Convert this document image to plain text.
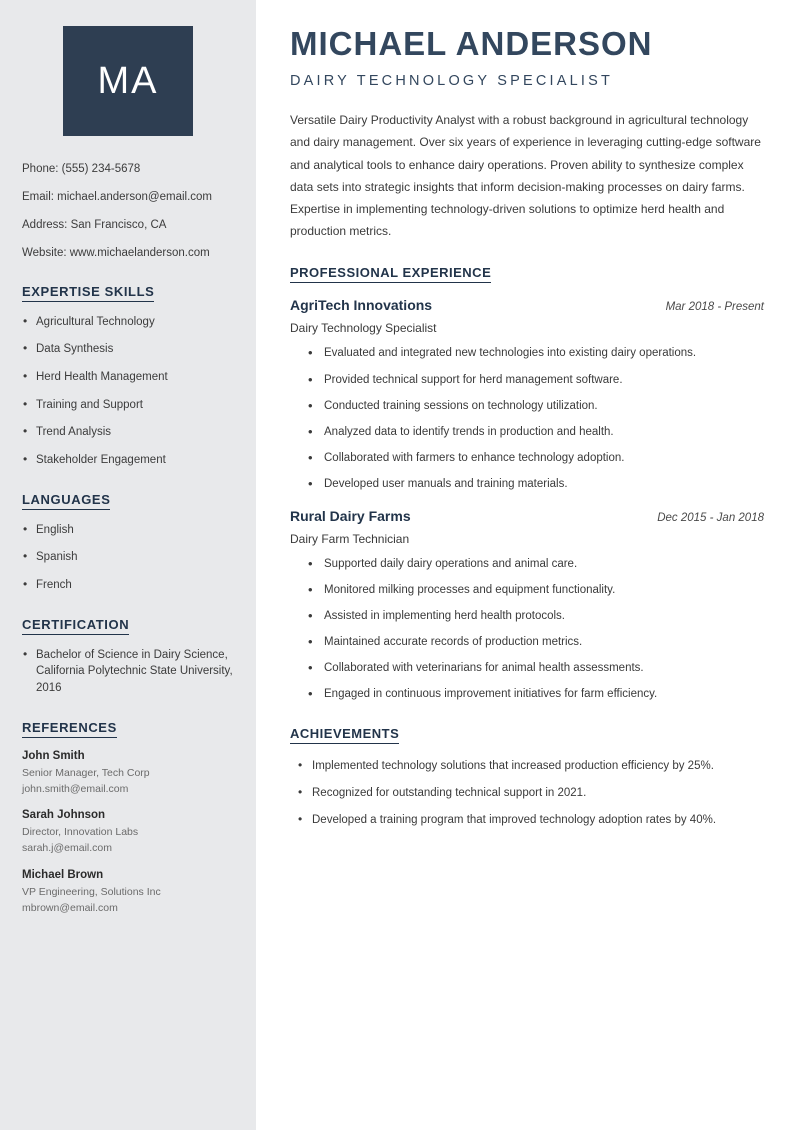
MA
Phone: (555) 234-5678
Email: michael.anderson@email.com
Address: San Francisco, CA
Website: www.michaelanderson.com
EXPERTISE SKILLS
• Agricultural Technology
• Data Synthesis
• Herd Health Management
• Training and Support
• Trend Analysis
• Stakeholder Engagement
LANGUAGES
• English
• Spanish
• French
CERTIFICATION
• Bachelor of Science in Dairy Science, California Polytechnic State University, 2016
REFERENCES
John Smith
Senior Manager, Tech Corp
john.smith@email.com
Sarah Johnson
Director, Innovation Labs
sarah.j@email.com
Michael Brown
VP Engineering, Solutions Inc
mbrown@email.com
MICHAEL ANDERSON
DAIRY TECHNOLOGY SPECIALIST

Versatile Dairy Productivity Analyst with a robust background in agricultural technology and dairy management. Over six years of experience in leveraging cutting-edge software and analytical tools to enhance dairy operations. Proven ability to synthesize complex data sets into strategic insights that inform decision-making processes on dairy farms. Expertise in implementing technology-driven solutions to optimize herd health and production metrics.

PROFESSIONAL EXPERIENCE
AgriTech Innovations	Mar 2018 - Present
Dairy Technology Specialist
• Evaluated and integrated new technologies into existing dairy operations.
• Provided technical support for herd management software.
• Conducted training sessions on technology utilization.
• Analyzed data to identify trends in production and health.
• Collaborated with farmers to enhance technology adoption.
• Developed user manuals and training materials.
Rural Dairy Farms	Dec 2015 - Jan 2018
Dairy Farm Technician
• Supported daily dairy operations and animal care.
• Monitored milking processes and equipment functionality.
• Assisted in implementing herd health protocols.
• Maintained accurate records of production metrics.
• Collaborated with veterinarians for animal health assessments.
• Engaged in continuous improvement initiatives for farm efficiency.
ACHIEVEMENTS
• Implemented technology solutions that increased production efficiency by 25%.
• Recognized for outstanding technical support in 2021.
• Developed a training program that improved technology adoption rates by 40%.
